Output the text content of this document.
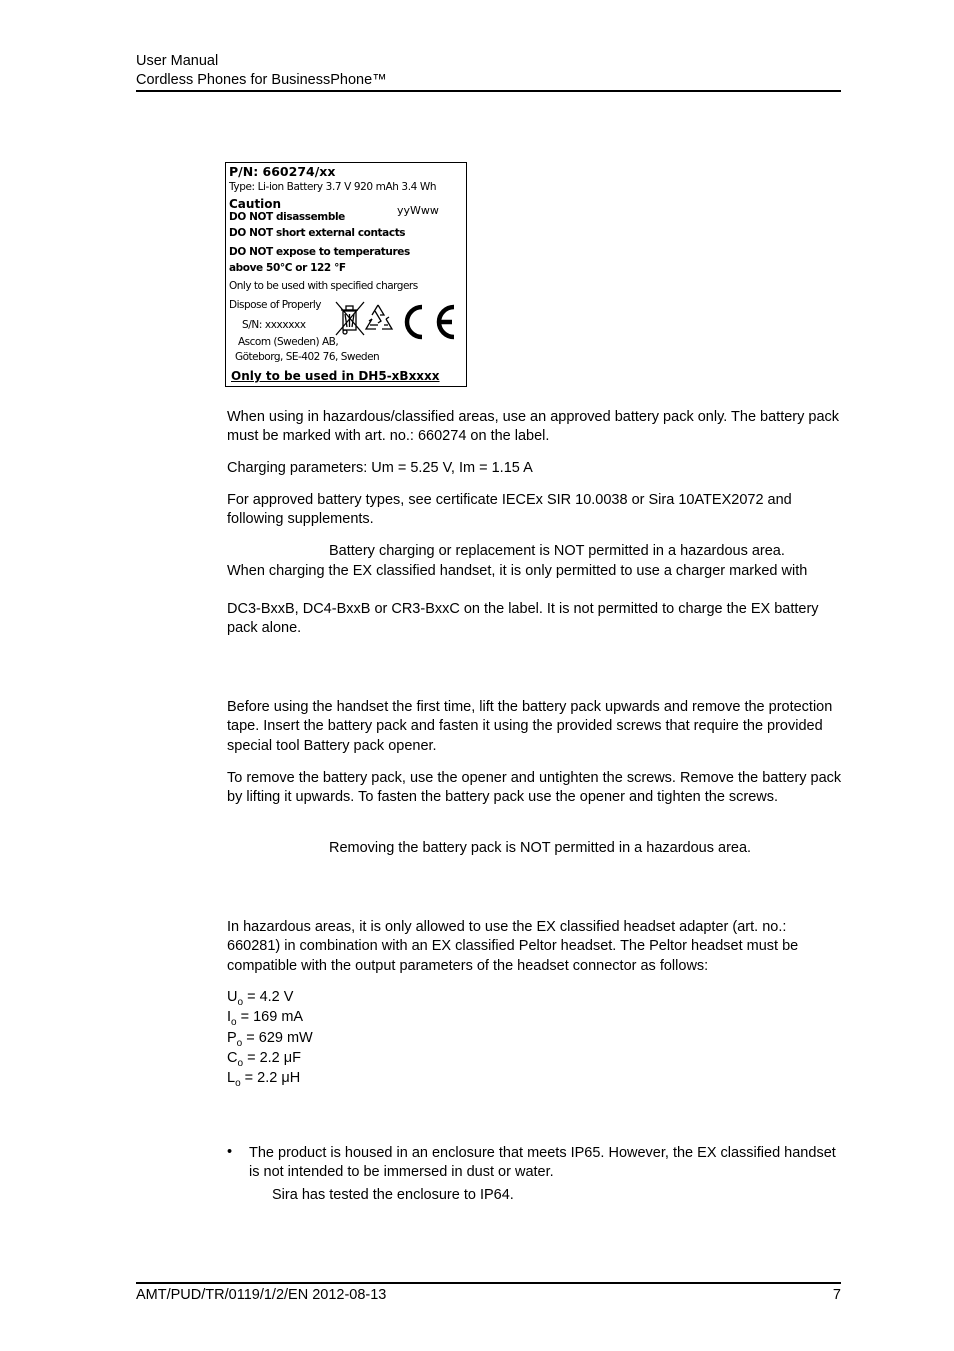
User Manual
Cordless Phones for BusinessPhone™
P/N: 660274/xx
Type: Li-ion Battery 3.7 V 920 mAh 3.4 Wh
Caution	yyWww
DO NOT disassemble
DO NOT short external contacts
DO NOT expose to temperatures
above 50°C or 122 °F
Only to be used with specified chargers
Dispose of Properly
S/N: xxxxxxx
Ascom (Sweden) AB,
Göteborg, SE-402 76, Sweden
Only to be used in DH5-xBxxxx
When using in hazardous/classified areas, use an approved battery pack only. The battery pack must be marked with art. no.: 660274 on the label.
Charging parameters: Um = 5.25 V, Im = 1.15 A
For approved battery types, see certificate IECEx SIR 10.0038 or Sira 10ATEX2072 and following supplements.
Battery charging or replacement is NOT permitted in a hazardous area.
When charging the EX classified handset, it is only permitted to use a charger marked with
DC3-BxxB, DC4-BxxB or CR3-BxxC on the label. It is not permitted to charge the EX battery pack alone.
Before using the handset the first time, lift the battery pack upwards and remove the protection tape. Insert the battery pack and fasten it using the provided screws that require the provided special tool Battery pack opener.
To remove the battery pack, use the opener and untighten the screws. Remove the battery pack by lifting it upwards. To fasten the battery pack use the opener and tighten the screws.
Removing the battery pack is NOT permitted in a hazardous area.
In hazardous areas, it is only allowed to use the EX classified headset adapter (art. no.: 660281) in combination with an EX classified Peltor headset. The Peltor headset must be compatible with the output parameters of the headset connector as follows:
$U_o = 4.2$ V
$I_o = 169$ mA
$P_o = 629$ mW
$C_o = 2.2$ μF
$L_o = 2.2$ μH
• The product is housed in an enclosure that meets IP65. However, the EX classified handset is not intended to be immersed in dust or water.
Sira has tested the enclosure to IP64.
AMT/PUD/TR/0119/1/2/EN 2012-08-13	7
